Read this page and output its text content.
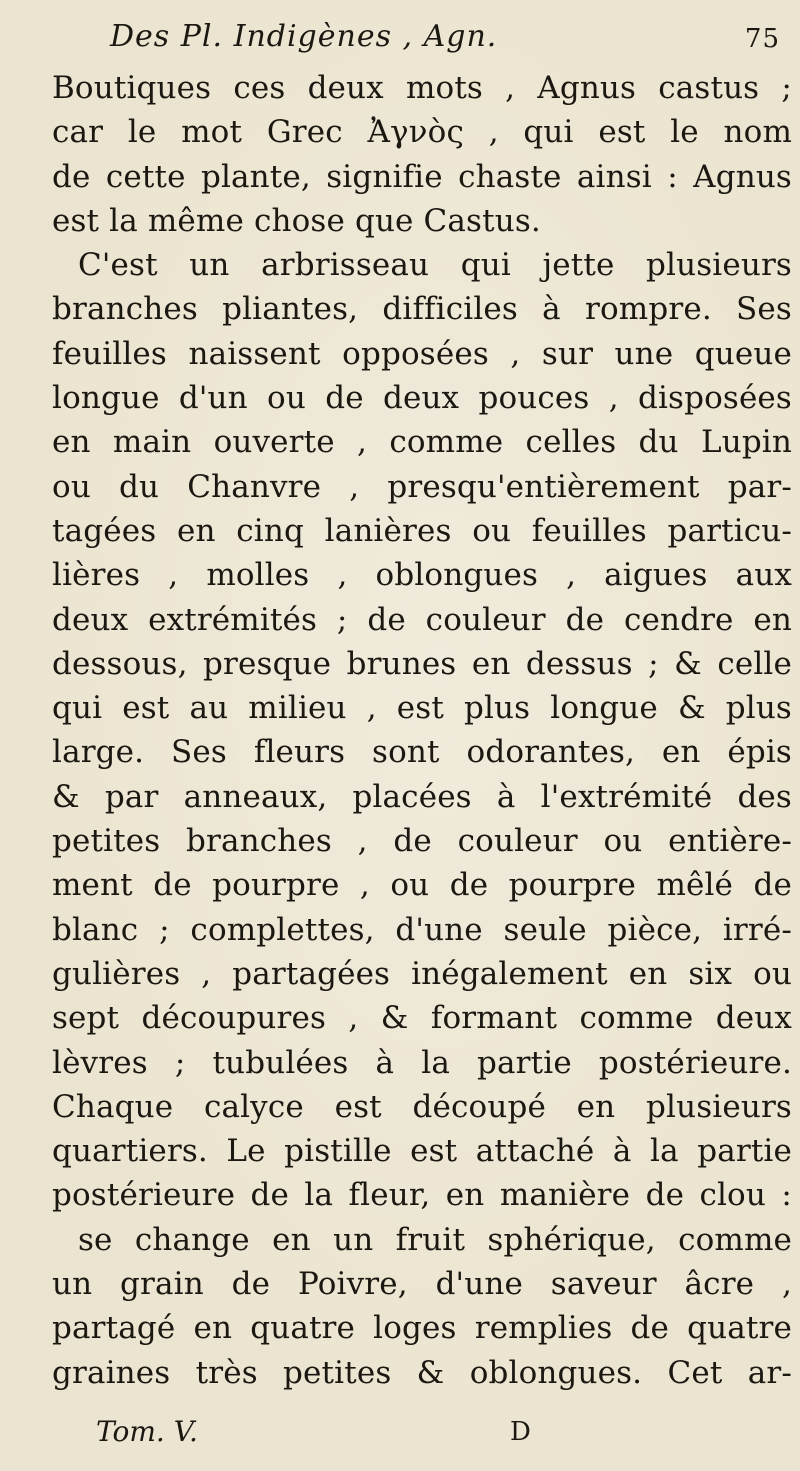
Des Pl. Indigènes , Agn.	75
Boutiques ces deux mots , Agnus castus ;
car le mot Grec Ἀγνὸς , qui est le nom
de cette plante, signifie chaste ainsi : Agnus
est la même chose que Castus.
C'est un arbrisseau qui jette plusieurs
branches pliantes, difficiles à rompre. Ses
feuilles naissent opposées , sur une queue
longue d'un ou de deux pouces , disposées
en main ouverte , comme celles du Lupin
ou du Chanvre , presqu'entièrement par-
tagées en cinq lanières ou feuilles particu-
lières , molles , oblongues , aigues aux
deux extrémités ; de couleur de cendre en
dessous, presque brunes en dessus ; & celle
qui est au milieu , est plus longue & plus
large. Ses fleurs sont odorantes, en épis
& par anneaux, placées à l'extrémité des
petites branches , de couleur ou entière-
ment de pourpre , ou de pourpre mêlé de
blanc ; complettes, d'une seule pièce, irré-
gulières , partagées inégalement en six ou
sept découpures , & formant comme deux
lèvres ; tubulées à la partie postérieure.
Chaque calyce est découpé en plusieurs
quartiers. Le pistille est attaché à la partie
postérieure de la fleur, en manière de clou :
se change en un fruit sphérique, comme
un grain de Poivre, d'une saveur âcre ,
partagé en quatre loges remplies de quatre
graines très petites & oblongues. Cet ar-
Tom. V.	D
